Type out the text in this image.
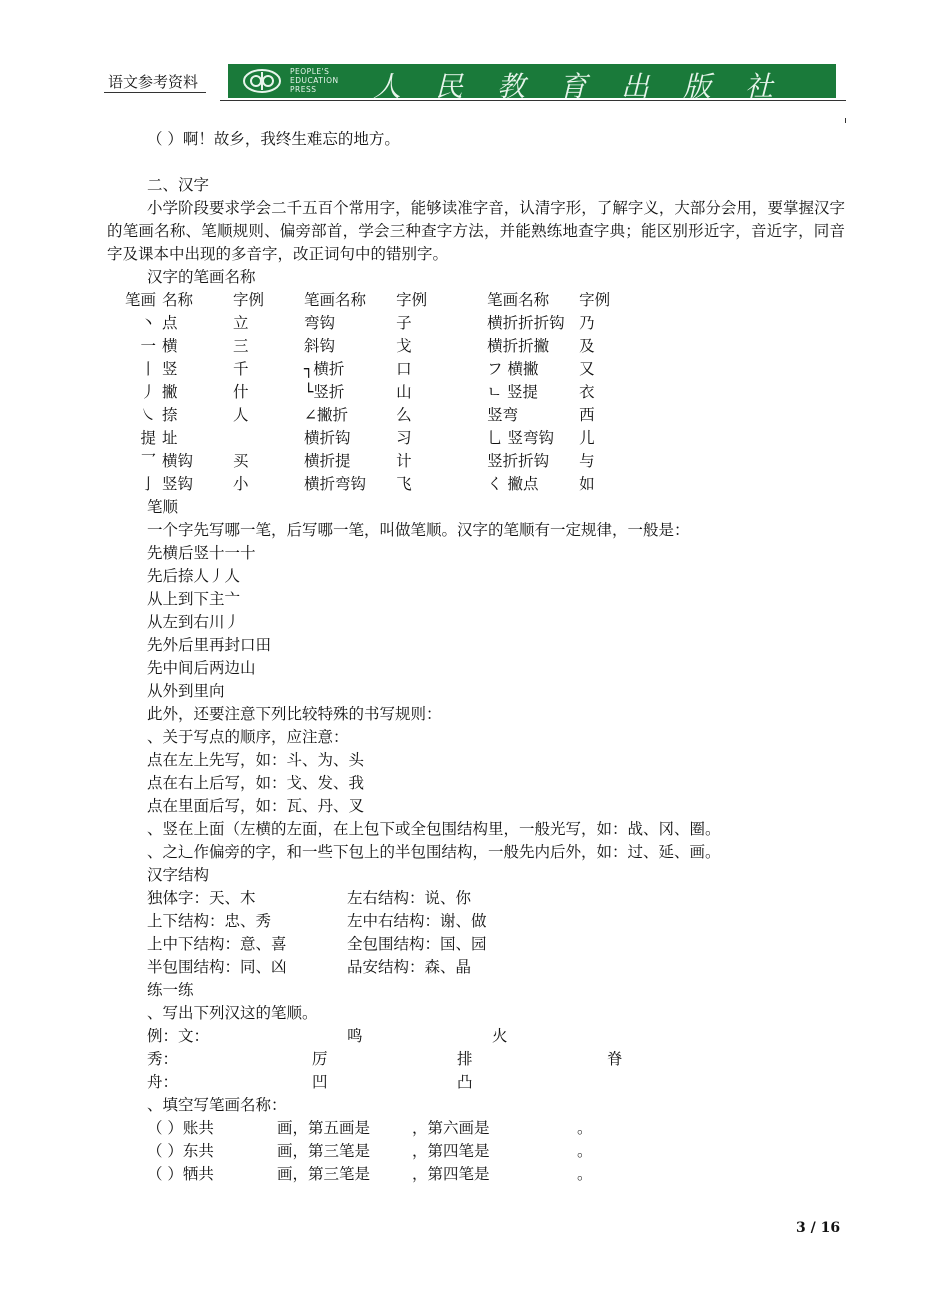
语文参考资料
PEOPLE'S
EDUCATION
PRESS	人民教育出版社

（ ）啊！故乡，我终生难忘的地方。

二、汉字

小学阶段要求学会二千五百个常用字，能够读准字音，认清字形，了解字义，大部分会用，要掌握汉字的笔画名称、笔顺规则、偏旁部首，学会三种查字方法，并能熟练地查字典；能区别形近字，音近字，同音字及课本中出现的多音字，改正词句中的错别字。

汉字的笔画名称

笔画	名称	字例	笔画名称	字例	笔画名称	字例
丶	点	立	弯钩	子	横折折折钩	乃
一	横	三	斜钩	戈	横折折撇	及
丨	竖	千	┐横折	口	フ 横撇	又
丿	撇	什	└竖折	山	ㄴ 竖提	衣
㇏	捺	人	∠撇折	么	竖弯	西
提	址		横折钩	习	乚 竖弯钩	儿
乛	横钩	买	横折提	计	竖折折钩	与
亅	竖钩	小	横折弯钩	飞	く 撇点	如

笔顺

一个字先写哪一笔，后写哪一笔，叫做笔顺。汉字的笔顺有一定规律，一般是：

先横后竖十一十

先后捺人丿人

从上到下主亠

从左到右川丿

先外后里再封口田

先中间后两边山

从外到里向

此外，还要注意下列比较特殊的书写规则：

、关于写点的顺序，应注意：

点在左上先写，如：斗、为、头

点在右上后写，如：戈、发、我

点在里面后写，如：瓦、丹、叉

、竖在上面（左横的左面，在上包下或全包围结构里，一般光写，如：战、冈、圈。

、之辶作偏旁的字，和一些下包上的半包围结构，一般先内后外，如：过、延、画。

汉字结构

独体字：天、木	左右结构：说、你

上下结构：忠、秀	左中右结构：谢、做

上中下结构：意、喜	全包围结构：国、园

半包围结构：同、凶	品安结构：森、晶

练一练

、写出下列汉这的笔顺。

例：文：	鸣	火

秀：	厉	排	脊

舟：	凹	凸

、填空写笔画名称：

（ ）账共	画，第五画是	，第六画是	。

（ ）东共	画，第三笔是	，第四笔是	。

（ ）牺共	画，第三笔是	，第四笔是	。

3 / 16
